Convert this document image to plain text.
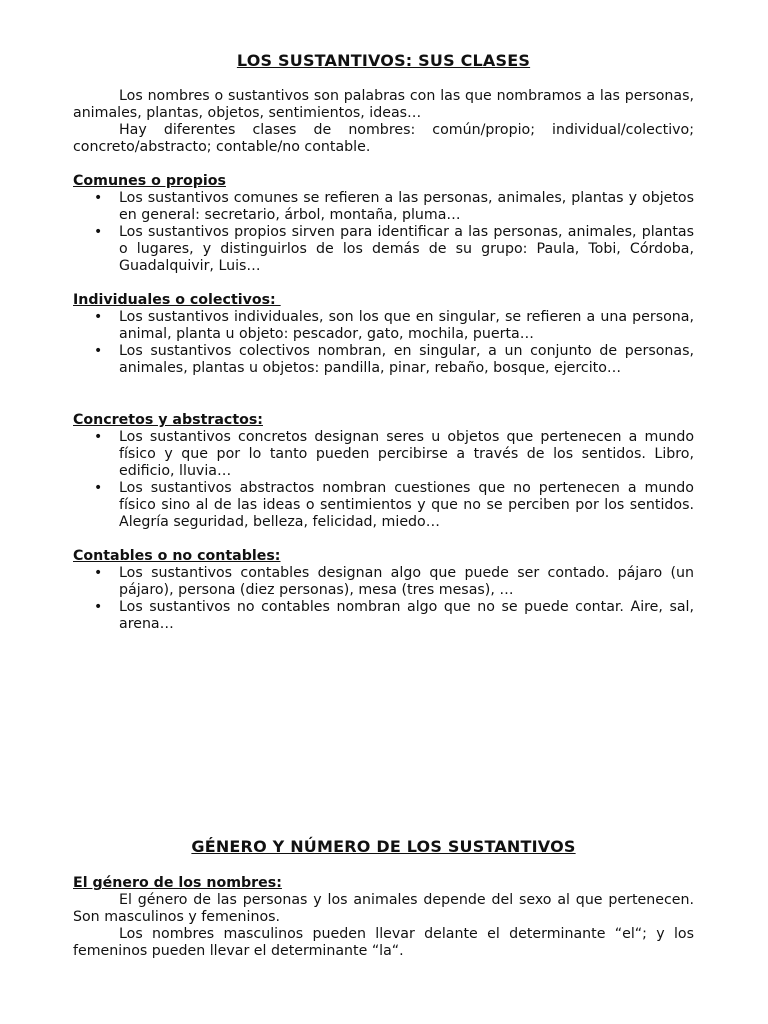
LOS SUSTANTIVOS: SUS CLASES

Los nombres o sustantivos son palabras con las que nombramos a las personas, animales, plantas, objetos, sentimientos, ideas…

Hay diferentes clases de nombres: común/propio; individual/colectivo; concreto/abstracto; contable/no contable.

Comunes o propios

• Los sustantivos comunes se refieren a las personas, animales, plantas y objetos en general: secretario, árbol, montaña, pluma…
• Los sustantivos propios sirven para identificar a las personas, animales, plantas o lugares, y distinguirlos de los demás de su grupo: Paula, Tobi, Córdoba, Guadalquivir, Luis…

Individuales o colectivos:

• Los sustantivos individuales, son los que en singular, se refieren a una persona, animal, planta u objeto: pescador, gato, mochila, puerta…
• Los sustantivos colectivos nombran, en singular, a un conjunto de personas, animales, plantas u objetos: pandilla, pinar, rebaño, bosque, ejercito…

Concretos y abstractos:

• Los sustantivos concretos designan seres u objetos que pertenecen a mundo físico y que por lo tanto pueden percibirse a través de los sentidos. Libro, edificio, lluvia…
• Los sustantivos abstractos nombran cuestiones que no pertenecen a mundo físico sino al de las ideas o sentimientos y que no se perciben por los sentidos. Alegría seguridad, belleza, felicidad, miedo…

Contables o no contables:

• Los sustantivos contables designan algo que puede ser contado. pájaro (un pájaro), persona (diez personas), mesa (tres mesas), …
• Los sustantivos no contables nombran algo que no se puede contar. Aire, sal, arena…
GÉNERO Y NÚMERO DE LOS SUSTANTIVOS

El género de los nombres:

El género de las personas y los animales depende del sexo al que pertenecen. Son masculinos y femeninos.

Los nombres masculinos pueden llevar delante el determinante “el“; y los femeninos pueden llevar el determinante “la“.
